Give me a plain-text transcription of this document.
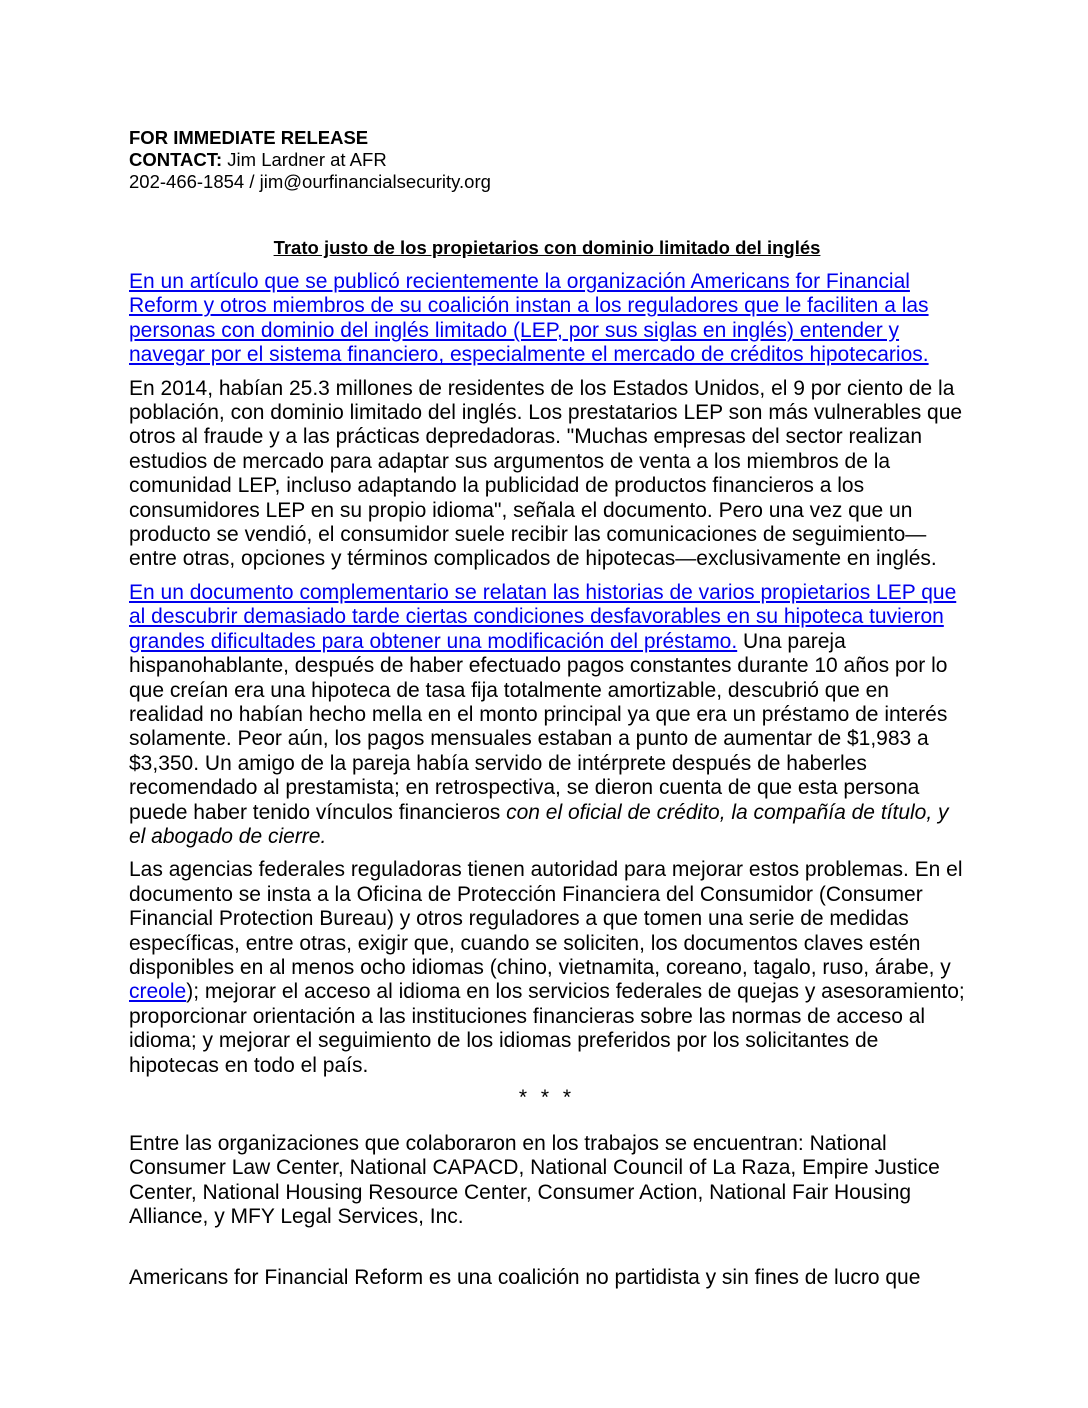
FOR IMMEDIATE RELEASE

CONTACT: Jim Lardner at AFR

202-466-1854 / jim@ourfinancialsecurity.org

Trato justo de los propietarios con dominio limitado del inglés

En un artículo que se publicó recientemente la organización Americans for Financial Reform y otros miembros de su coalición instan a los reguladores que le faciliten a las personas con dominio del inglés limitado (LEP, por sus siglas en inglés) entender y navegar por el sistema financiero, especialmente el mercado de créditos hipotecarios.

En 2014, habían 25.3 millones de residentes de los Estados Unidos, el 9 por ciento de la población, con dominio limitado del inglés. Los prestatarios LEP son más vulnerables que otros al fraude y a las prácticas depredadoras. "Muchas empresas del sector realizan estudios de mercado para adaptar sus argumentos de venta a los miembros de la comunidad LEP, incluso adaptando la publicidad de productos financieros a los consumidores LEP en su propio idioma", señala el documento. Pero una vez que un producto se vendió, el consumidor suele recibir las comunicaciones de seguimiento—entre otras, opciones y términos complicados de hipotecas—exclusivamente en inglés.

En un documento complementario se relatan las historias de varios propietarios LEP que al descubrir demasiado tarde ciertas condiciones desfavorables en su hipoteca tuvieron grandes dificultades para obtener una modificación del préstamo. Una pareja hispanohablante, después de haber efectuado pagos constantes durante 10 años por lo que creían era una hipoteca de tasa fija totalmente amortizable, descubrió que en realidad no habían hecho mella en el monto principal ya que era un préstamo de interés solamente. Peor aún, los pagos mensuales estaban a punto de aumentar de $1,983 a $3,350. Un amigo de la pareja había servido de intérprete después de haberles recomendado al prestamista; en retrospectiva, se dieron cuenta de que esta persona puede haber tenido vínculos financieros con el oficial de crédito, la compañía de título, y el abogado de cierre.

Las agencias federales reguladoras tienen autoridad para mejorar estos problemas. En el documento se insta a la Oficina de Protección Financiera del Consumidor (Consumer Financial Protection Bureau) y otros reguladores a que tomen una serie de medidas específicas, entre otras, exigir que, cuando se soliciten, los documentos claves estén disponibles en al menos ocho idiomas (chino, vietnamita, coreano, tagalo, ruso, árabe, y creole); mejorar el acceso al idioma en los servicios federales de quejas y asesoramiento; proporcionar orientación a las instituciones financieras sobre las normas de acceso al idioma; y mejorar el seguimiento de los idiomas preferidos por los solicitantes de hipotecas en todo el país.

* * *

Entre las organizaciones que colaboraron en los trabajos se encuentran: National Consumer Law Center, National CAPACD, National Council of La Raza, Empire Justice Center, National Housing Resource Center, Consumer Action, National Fair Housing Alliance, y MFY Legal Services, Inc.

Americans for Financial Reform es una coalición no partidista y sin fines de lucro que
